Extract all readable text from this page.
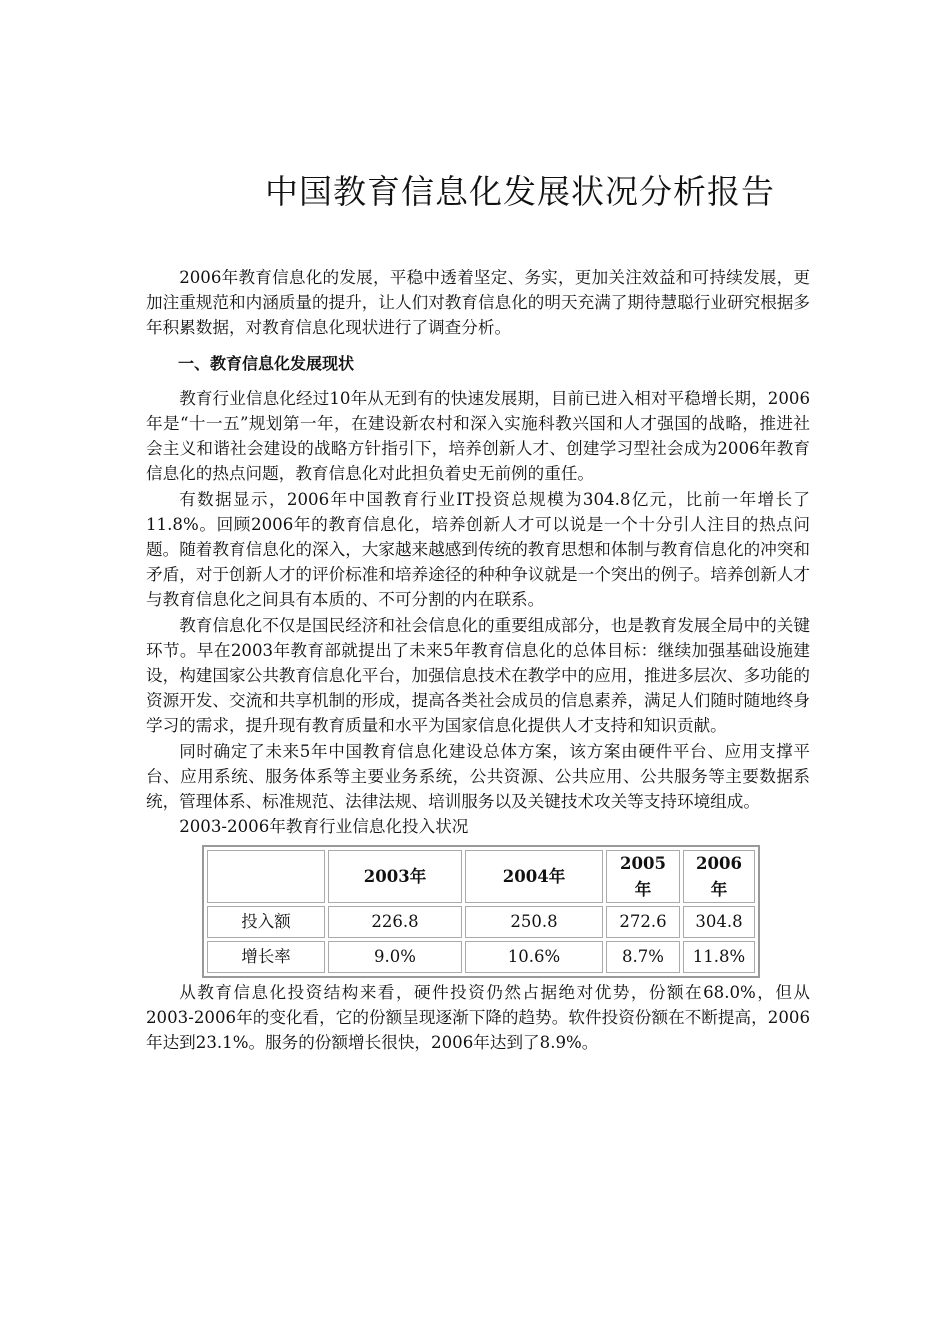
中国教育信息化发展状况分析报告

2006年教育信息化的发展，平稳中透着坚定、务实，更加关注效益和可持续发展，更加注重规范和内涵质量的提升，让人们对教育信息化的明天充满了期待慧聪行业研究根据多年积累数据，对教育信息化现状进行了调查分析。

一、教育信息化发展现状

教育行业信息化经过10年从无到有的快速发展期，目前已进入相对平稳增长期，2006年是“十一五”规划第一年，在建设新农村和深入实施科教兴国和人才强国的战略，推进社会主义和谐社会建设的战略方针指引下，培养创新人才、创建学习型社会成为2006年教育信息化的热点问题，教育信息化对此担负着史无前例的重任。

有数据显示，2006年中国教育行业IT投资总规模为304.8亿元，比前一年增长了11.8%。回顾2006年的教育信息化，培养创新人才可以说是一个十分引人注目的热点问题。随着教育信息化的深入，大家越来越感到传统的教育思想和体制与教育信息化的冲突和矛盾，对于创新人才的评价标准和培养途径的种种争议就是一个突出的例子。培养创新人才与教育信息化之间具有本质的、不可分割的内在联系。

教育信息化不仅是国民经济和社会信息化的重要组成部分，也是教育发展全局中的关键环节。早在2003年教育部就提出了未来5年教育信息化的总体目标：继续加强基础设施建设，构建国家公共教育信息化平台，加强信息技术在教学中的应用，推进多层次、多功能的资源开发、交流和共享机制的形成，提高各类社会成员的信息素养，满足人们随时随地终身学习的需求，提升现有教育质量和水平为国家信息化提供人才支持和知识贡献。

同时确定了未来5年中国教育信息化建设总体方案，该方案由硬件平台、应用支撑平台、应用系统、服务体系等主要业务系统，公共资源、公共应用、公共服务等主要数据系统，管理体系、标准规范、法律法规、培训服务以及关键技术攻关等支持环境组成。

2003-2006年教育行业信息化投入状况
	2003年	2004年	2005年	2006年
投入额	226.8	250.8	272.6	304.8
增长率	9.0%	10.6%	8.7%	11.8%

从教育信息化投资结构来看，硬件投资仍然占据绝对优势，份额在68.0%，但从2003-2006年的变化看，它的份额呈现逐渐下降的趋势。软件投资份额在不断提高，2006年达到23.1%。服务的份额增长很快，2006年达到了8.9%。
